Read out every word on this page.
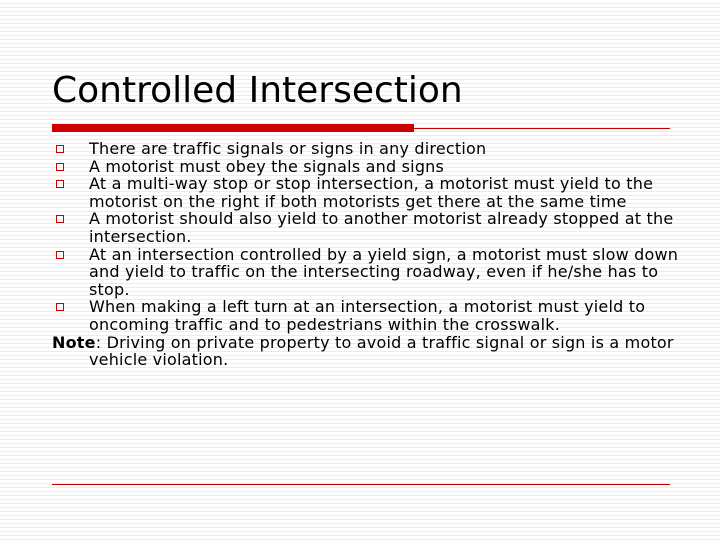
Controlled Intersection
There are traffic signals or signs in any direction
A motorist must obey the signals and signs
At a multi-way stop or stop intersection, a motorist must yield to the motorist on the right if both motorists get there at the same time
A motorist should also yield to another motorist already stopped at the intersection.
At an intersection controlled by a yield sign, a motorist must slow down and yield to traffic on the intersecting roadway, even if he/she has to stop.
When making a left turn at an intersection, a motorist must yield to oncoming traffic and to pedestrians within the crosswalk.
Note: Driving on private property to avoid a traffic signal or sign is a motor vehicle violation.
